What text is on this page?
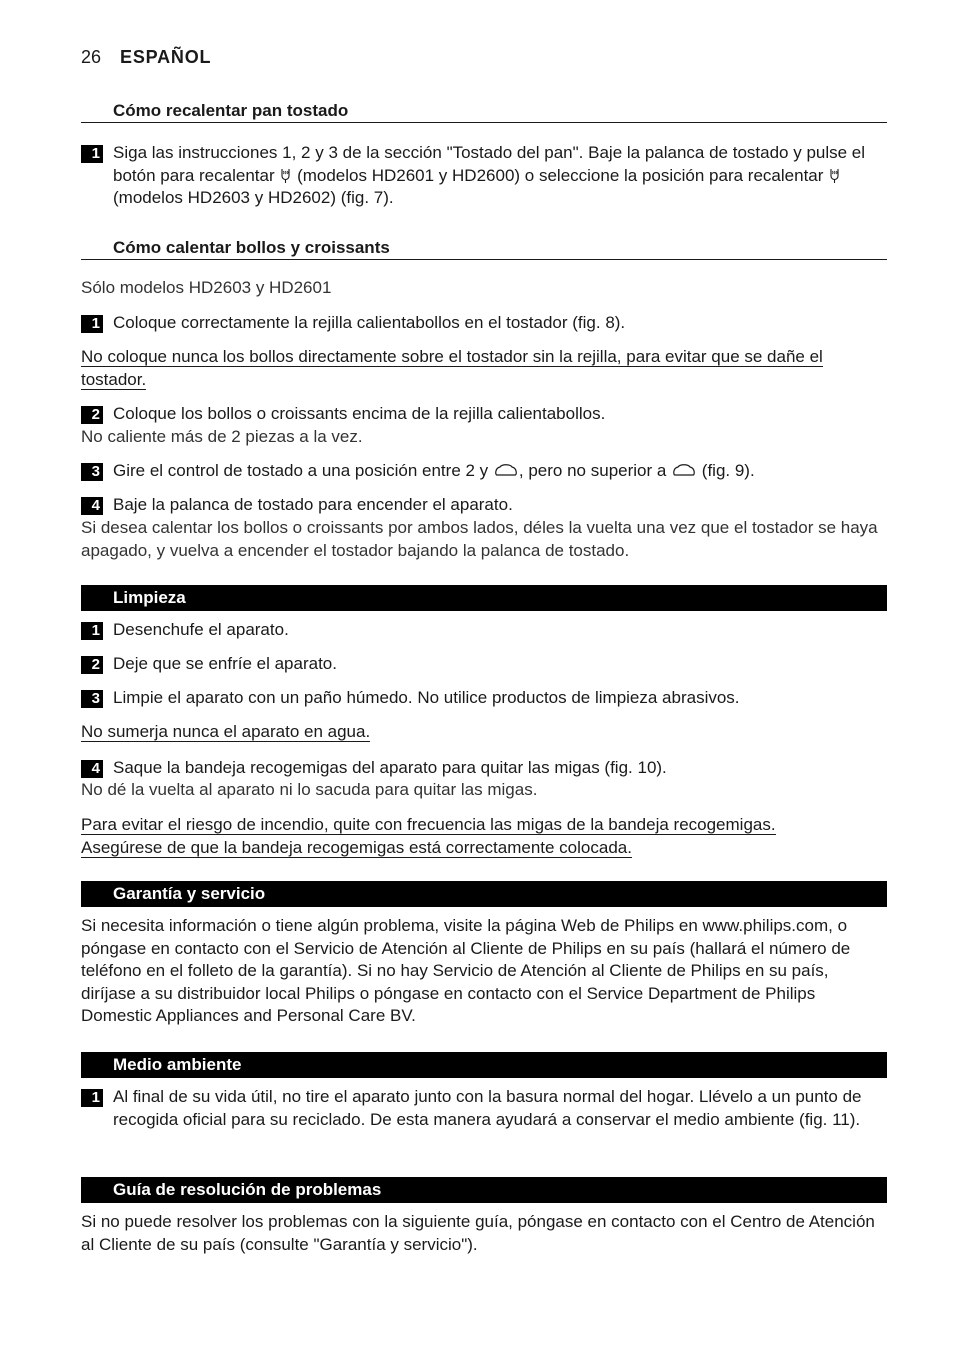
26 ESPAÑOL
Cómo recalentar pan tostado
1 Siga las instrucciones 1, 2 y 3 de la sección "Tostado del pan". Baje la palanca de tostado y pulse el botón para recalentar  (modelos HD2601 y HD2600) o seleccione la posición para recalentar  (modelos HD2603 y HD2602) (fig. 7).
Cómo calentar bollos y croissants
Sólo modelos HD2603 y HD2601
1 Coloque correctamente la rejilla calientabollos en el tostador (fig. 8).
No coloque nunca los bollos directamente sobre el tostador sin la rejilla, para evitar que se dañe el tostador.
2 Coloque los bollos o croissants encima de la rejilla calientabollos.
No caliente más de 2 piezas a la vez.
3 Gire el control de tostado a una posición entre 2 y , pero no superior a  (fig. 9).
4 Baje la palanca de tostado para encender el aparato.
Si desea calentar los bollos o croissants por ambos lados, déles la vuelta una vez que el tostador se haya apagado, y vuelva a encender el tostador bajando la palanca de tostado.
Limpieza
1 Desenchufe el aparato.
2 Deje que se enfríe el aparato.
3 Limpie el aparato con un paño húmedo. No utilice productos de limpieza abrasivos.
No sumerja nunca el aparato en agua.
4 Saque la bandeja recogemigas del aparato para quitar las migas (fig. 10).
No dé la vuelta al aparato ni lo sacuda para quitar las migas.
Para evitar el riesgo de incendio, quite con frecuencia las migas de la bandeja recogemigas.
Asegúrese de que la bandeja recogemigas está correctamente colocada.
Garantía y servicio
Si necesita información o tiene algún problema, visite la página Web de Philips en www.philips.com, o póngase en contacto con el Servicio de Atención al Cliente de Philips en su país (hallará el número de teléfono en el folleto de la garantía). Si no hay Servicio de Atención al Cliente de Philips en su país, diríjase a su distribuidor local Philips o póngase en contacto con el Service Department de Philips Domestic Appliances and Personal Care BV.
Medio ambiente
1 Al final de su vida útil, no tire el aparato junto con la basura normal del hogar. Llévelo a un punto de recogida oficial para su reciclado. De esta manera ayudará a conservar el medio ambiente (fig. 11).
Guía de resolución de problemas
Si no puede resolver los problemas con la siguiente guía, póngase en contacto con el Centro de Atención al Cliente de su país (consulte "Garantía y servicio").
